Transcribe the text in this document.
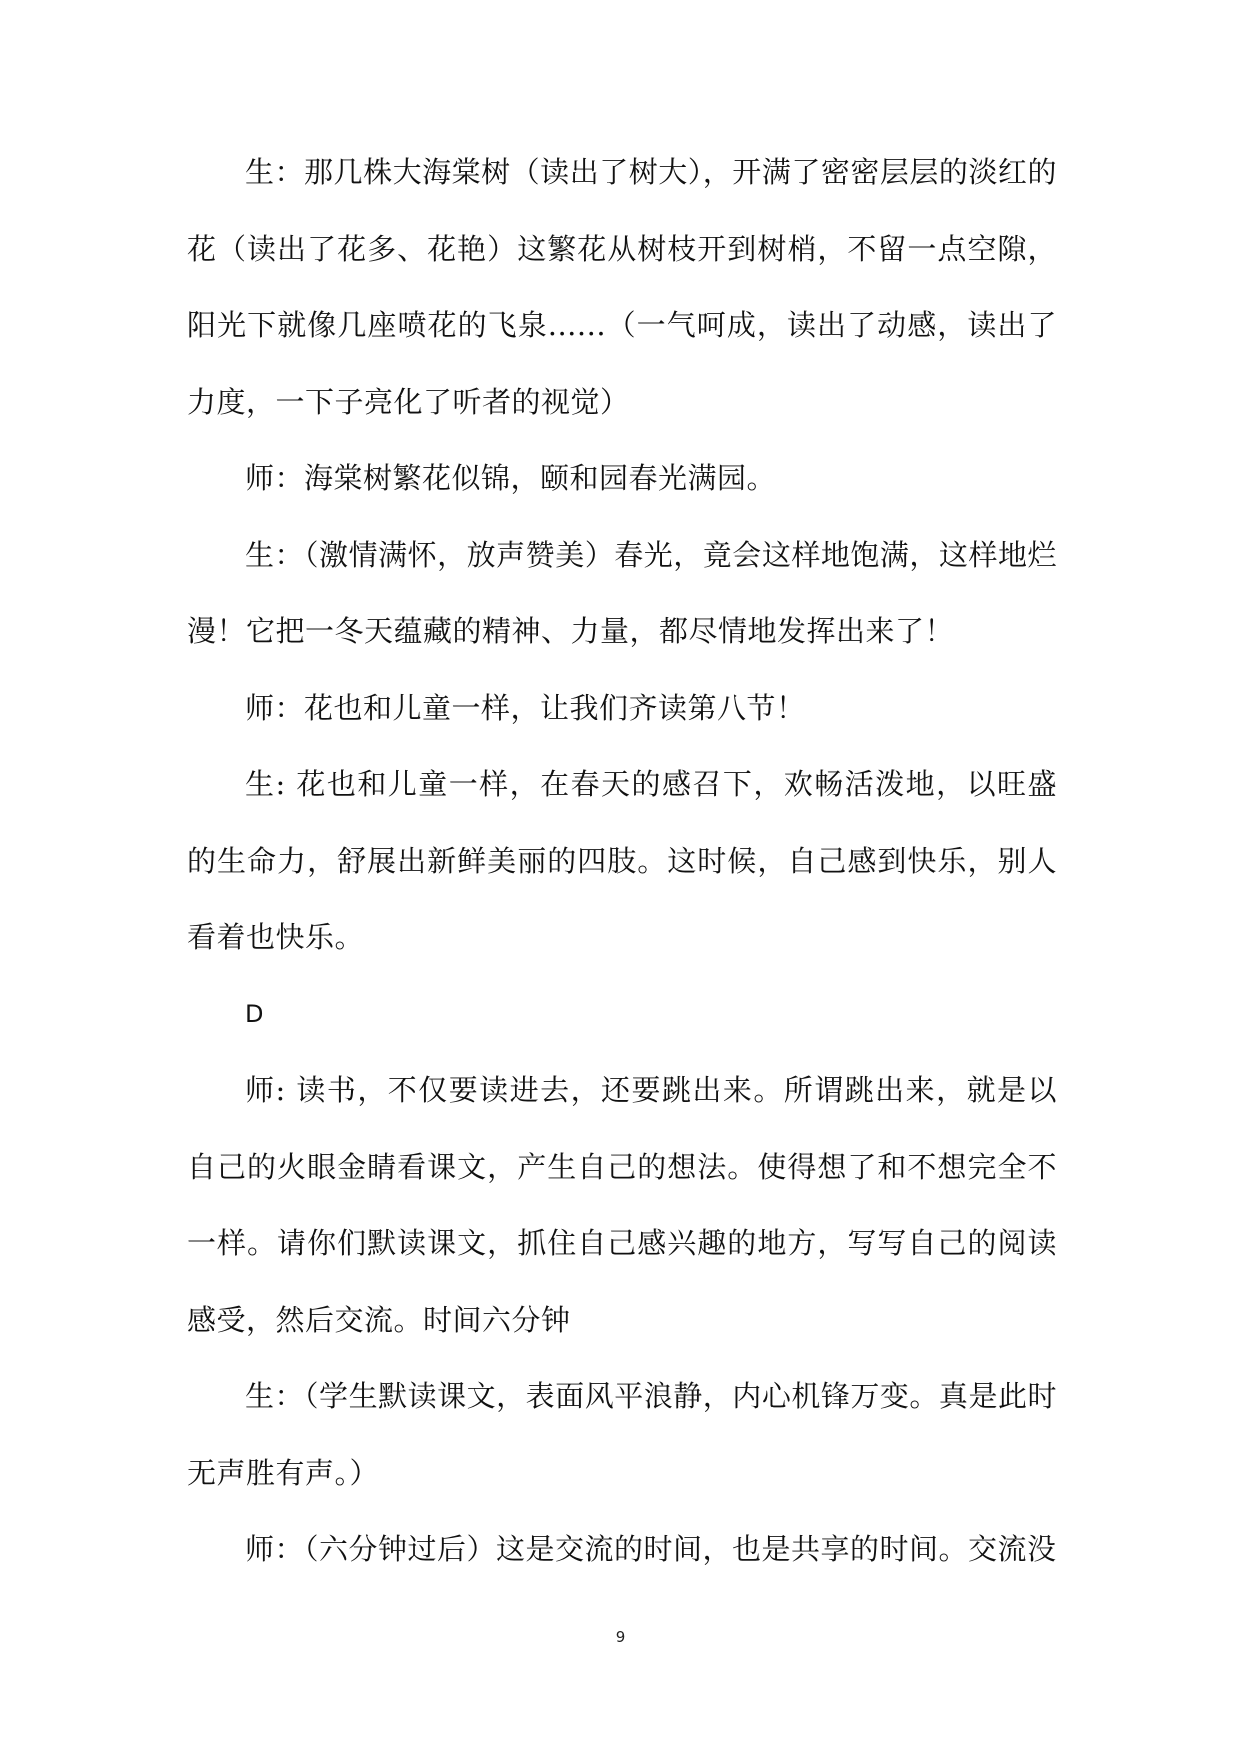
生：那几株大海棠树（读出了树大），开满了密密层层的淡红的花（读出了花多、花艳）这繁花从树枝开到树梢，不留一点空隙，阳光下就像几座喷花的飞泉......（一气呵成，读出了动感，读出了力度，一下子亮化了听者的视觉）

师：海棠树繁花似锦，颐和园春光满园。

生：（激情满怀，放声赞美）春光，竟会这样地饱满，这样地烂漫！它把一冬天蕴藏的精神、力量，都尽情地发挥出来了！

师：花也和儿童一样，让我们齐读第八节！

生: 花也和儿童一样，在春天的感召下，欢畅活泼地，以旺盛的生命力，舒展出新鲜美丽的四肢。这时候，自己感到快乐，别人看着也快乐。

D

师: 读书，不仅要读进去，还要跳出来。所谓跳出来，就是以自己的火眼金睛看课文，产生自己的想法。使得想了和不想完全不一样。请你们默读课文，抓住自己感兴趣的地方，写写自己的阅读感受，然后交流。时间六分钟

生：（学生默读课文，表面风平浪静，内心机锋万变。真是此时无声胜有声。）

师：（六分钟过后）这是交流的时间，也是共享的时间。交流没

9
